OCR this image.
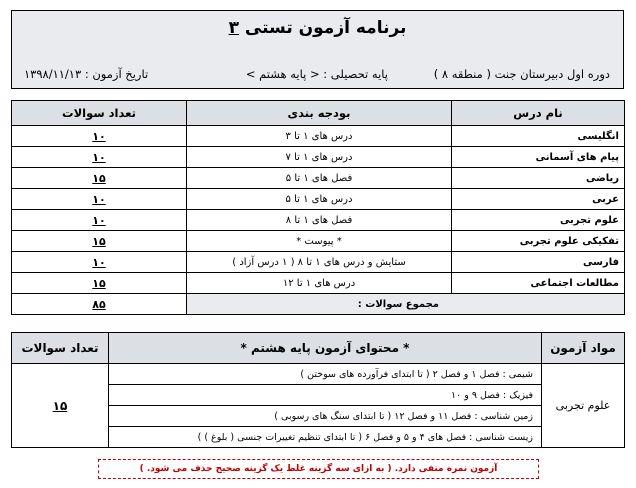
برنامه آزمون تستی ۳
دوره اول دبیرستان جنت ( منطقه ۸ )
پایه تحصیلی : < پایه هشتم >
تاریخ آزمون : ۱۳۹۸/۱۱/۱۳
نام درس	بودجه بندی	تعداد سوالات
انگلیسی	درس های ۱ تا ۳	۱۰
پیام های آسمانی	درس های ۱ تا ۷	۱۰
ریاضی	فصل های ۱ تا ۵	۱۵
عربی	درس های ۱ تا ۵	۱۰
علوم تجربی	فصل های ۱ تا ۸	۱۰
تفکیکی علوم تجربی	* پیوست *	۱۵
فارسی	ستایش و درس های ۱ تا ۸ ( ۱ درس آزاد )	۱۰
مطالعات اجتماعی	درس های ۱ تا ۱۲	۱۵
مجموع سوالات :		۸۵
مواد آزمون	* محتوای آزمون پایه هشتم *	تعداد سوالات
علوم تجربی	شیمی : فصل ۱ و فصل ۲ ( تا ابتدای فرآورده های سوختن )	۱۵
	فیزیک : فصل ۹ و ۱۰	
	زمین شناسی : فصل ۱۱ و فصل ۱۲ ( تا ابتدای سنگ های رسوبی )	
	زیست شناسی : فصل های ۴ و ۵ و فصل ۶ ( تا ابتدای تنظیم تغییرات جنسی ( بلوغ ) )	
آزمون نمره منفی دارد. ( به ازای سه گزینه غلط یک گزینه صحیح حذف می شود. )
